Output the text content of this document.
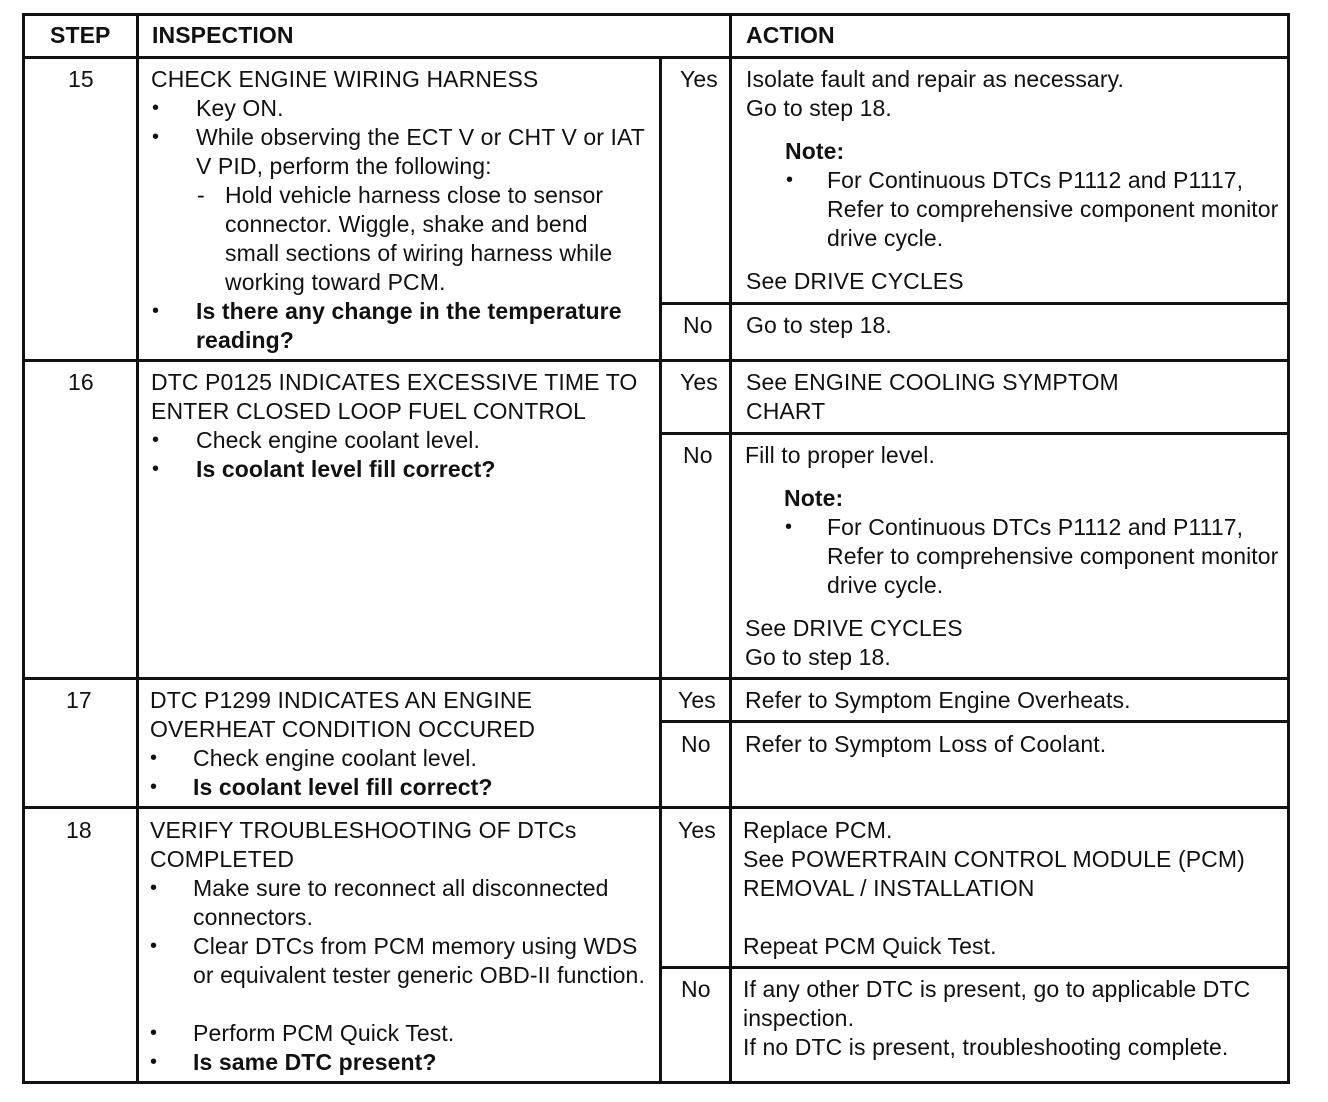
STEP INSPECTION	ACTION
15 CHECK ENGINE WIRING HARNESS
• Key ON.
• While observing the ECT V or CHT V or IAT V PID, perform the following:
- Hold vehicle harness close to sensor connector. Wiggle, shake and bend small sections of wiring harness while working toward PCM.
• Is there any change in the temperature reading?
Yes Isolate fault and repair as necessary.
Go to step 18.
Note:
• For Continuous DTCs P1112 and P1117, Refer to comprehensive component monitor drive cycle.
See DRIVE CYCLES
No Go to step 18.
16 DTC P0125 INDICATES EXCESSIVE TIME TO ENTER CLOSED LOOP FUEL CONTROL
• Check engine coolant level.
• Is coolant level fill correct?
Yes See ENGINE COOLING SYMPTOM CHART
No Fill to proper level.
Note:
• For Continuous DTCs P1112 and P1117, Refer to comprehensive component monitor drive cycle.
See DRIVE CYCLES
Go to step 18.
17	DTC P1299 INDICATES AN ENGINE OVERHEAT CONDITION OCCURED
• Check engine coolant level.
• Is coolant level fill correct?
Yes Refer to Symptom Engine Overheats.
No Refer to Symptom Loss of Coolant.
18	VERIFY TROUBLESHOOTING OF DTCs COMPLETED
• Make sure to reconnect all disconnected connectors.
• Clear DTCs from PCM memory using WDS or equivalent tester generic OBD-II function.
• Perform PCM Quick Test.
• Is same DTC present?
Yes Replace PCM.
See POWERTRAIN CONTROL MODULE (PCM) REMOVAL / INSTALLATION
Repeat PCM Quick Test.
No If any other DTC is present, go to applicable DTC inspection.
If no DTC is present, troubleshooting complete.
